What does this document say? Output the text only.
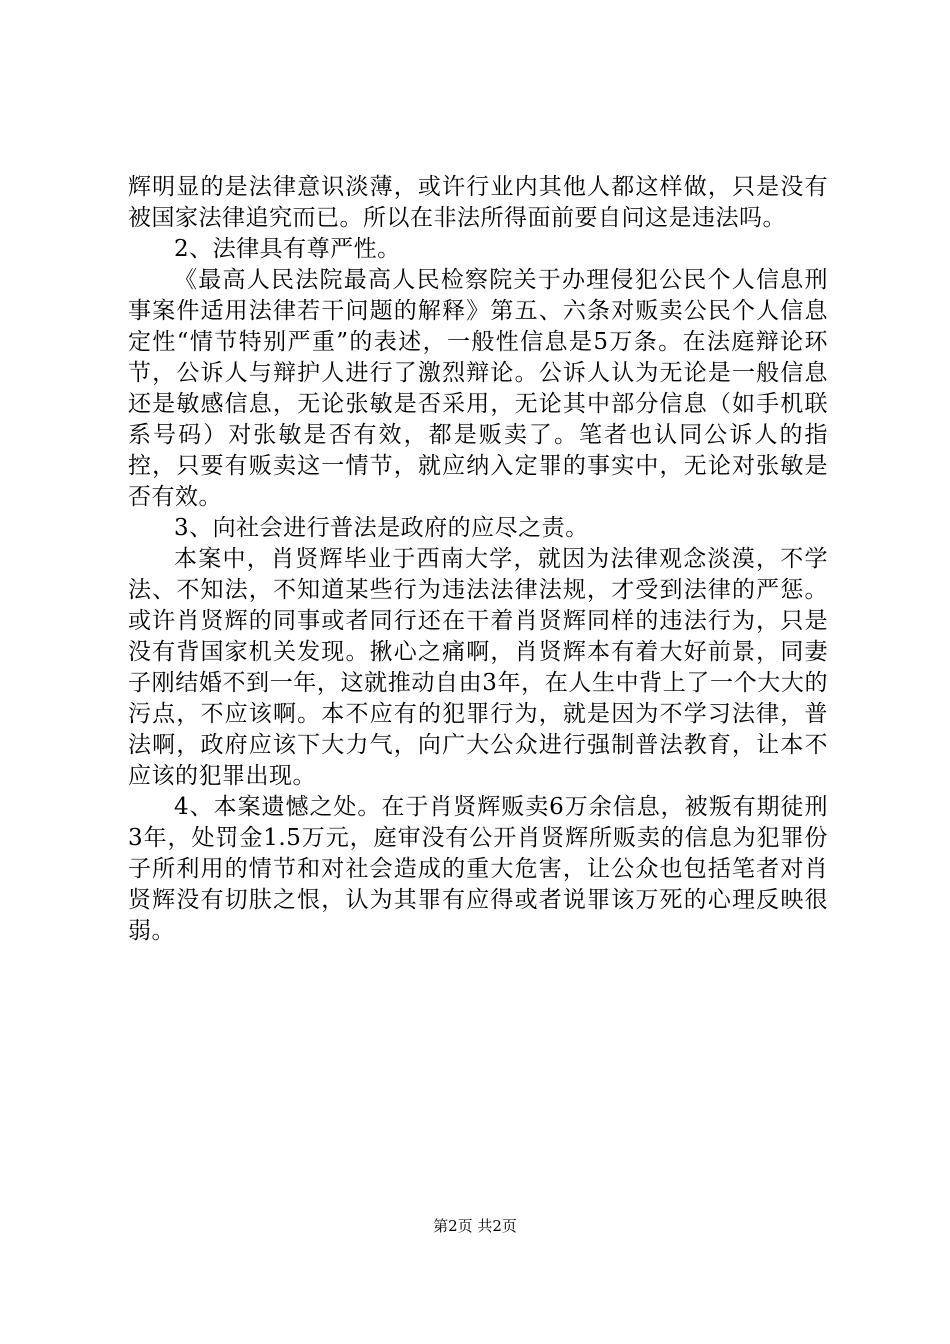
辉明显的是法律意识淡薄，或许行业内其他人都这样做，只是没有被国家法律追究而已。所以在非法所得面前要自问这是违法吗。

2、法律具有尊严性。

《最高人民法院最高人民检察院关于办理侵犯公民个人信息刑事案件适用法律若干问题的解释》第五、六条对贩卖公民个人信息定性“情节特别严重”的表述，一般性信息是5万条。在法庭辩论环节，公诉人与辩护人进行了激烈辩论。公诉人认为无论是一般信息还是敏感信息，无论张敏是否采用，无论其中部分信息（如手机联系号码）对张敏是否有效，都是贩卖了。笔者也认同公诉人的指控，只要有贩卖这一情节，就应纳入定罪的事实中，无论对张敏是否有效。

3、向社会进行普法是政府的应尽之责。

本案中，肖贤辉毕业于西南大学，就因为法律观念淡漠，不学法、不知法，不知道某些行为违法法律法规，才受到法律的严惩。或许肖贤辉的同事或者同行还在干着肖贤辉同样的违法行为，只是没有背国家机关发现。揪心之痛啊，肖贤辉本有着大好前景，同妻子刚结婚不到一年，这就推动自由3年，在人生中背上了一个大大的污点，不应该啊。本不应有的犯罪行为，就是因为不学习法律，普法啊，政府应该下大力气，向广大公众进行强制普法教育，让本不应该的犯罪出现。

4、本案遗憾之处。在于肖贤辉贩卖6万余信息，被叛有期徒刑3年，处罚金1.5万元，庭审没有公开肖贤辉所贩卖的信息为犯罪份子所利用的情节和对社会造成的重大危害，让公众也包括笔者对肖贤辉没有切肤之恨，认为其罪有应得或者说罪该万死的心理反映很弱。

第2页 共2页
